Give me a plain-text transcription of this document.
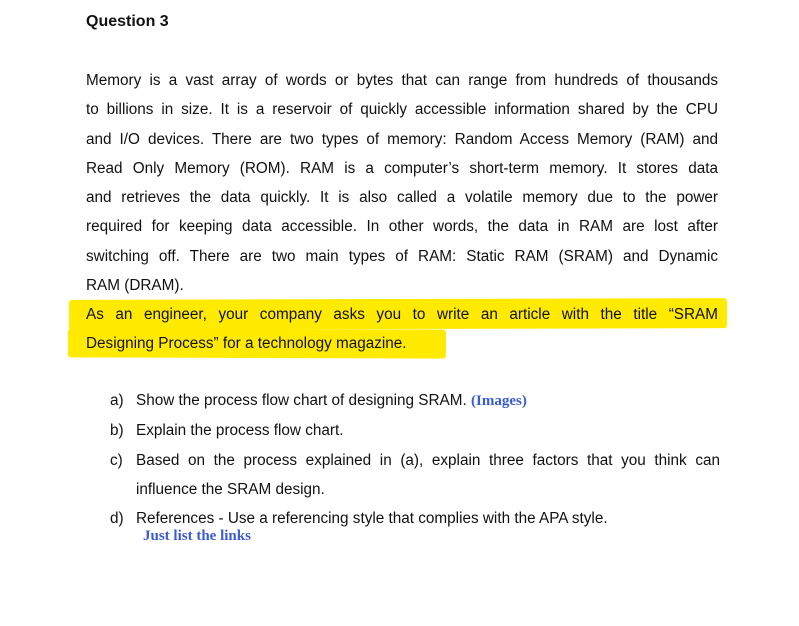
Question 3
Memory is a vast array of words or bytes that can range from hundreds of thousands
to billions in size. It is a reservoir of quickly accessible information shared by the CPU
and I/O devices. There are two types of memory: Random Access Memory (RAM) and
Read Only Memory (ROM). RAM is a computer’s short-term memory. It stores data
and retrieves the data quickly. It is also called a volatile memory due to the power
required for keeping data accessible. In other words, the data in RAM are lost after
switching off. There are two main types of RAM: Static RAM (SRAM) and Dynamic
RAM (DRAM).
As an engineer, your company asks you to write an article with the title “SRAM
Designing Process” for a technology magazine.
a) Show the process flow chart of designing SRAM. (Images)
b) Explain the process flow chart.
c) Based on the process explained in (a), explain three factors that you think can
influence the SRAM design.
d) References - Use a referencing style that complies with the APA style.
Just list the links
